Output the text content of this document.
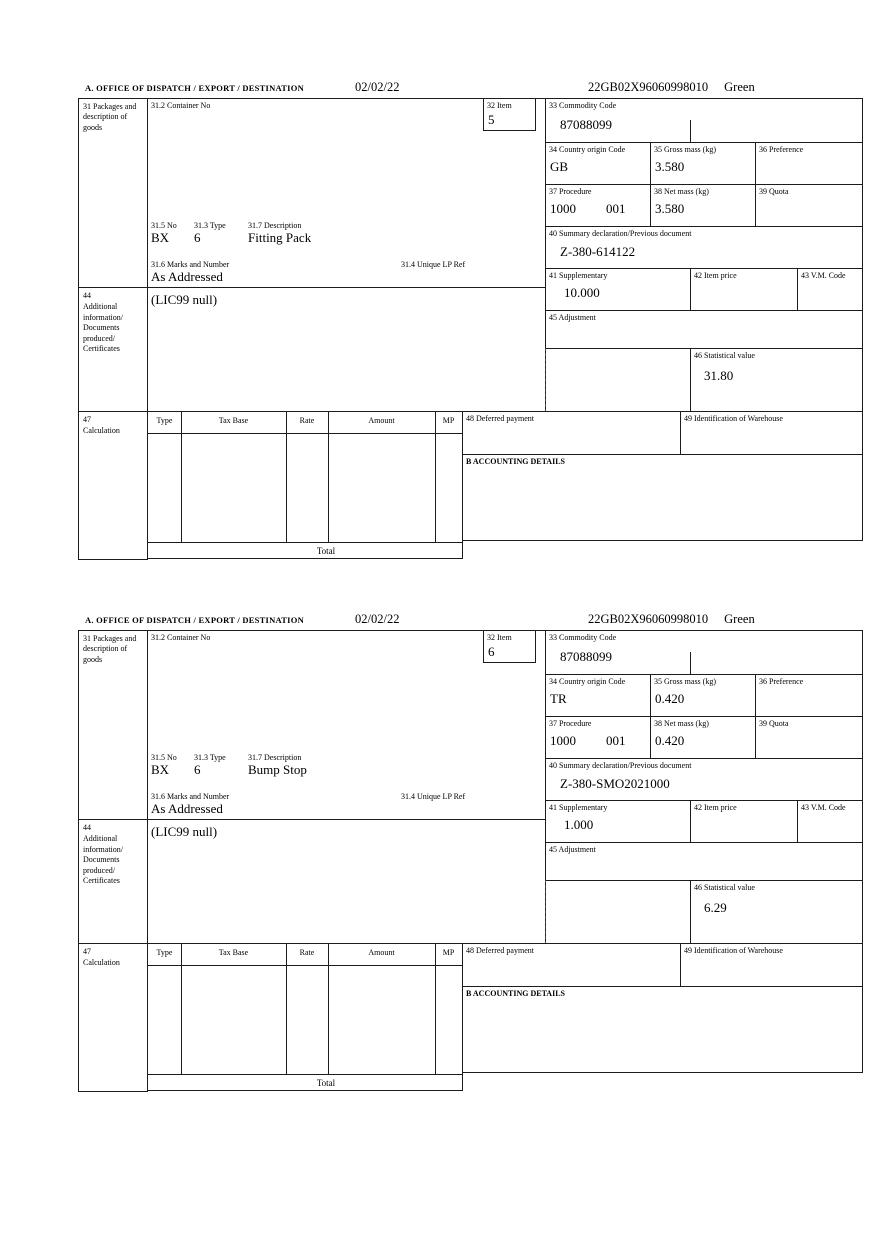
A. OFFICE OF DISPATCH / EXPORT / DESTINATION	02/02/22	22GB02X96060998010 Green
31 Packages and description of goods
44
Additional information/ Documents produced/ Certificates
47
Calculation
31.2 Container No
31.5 No 31.3 Type	31.7 Description
BX 6	Fitting Pack
31.6 Marks and Number	31.4 Unique LP Ref
As Addressed
(LIC99 null)
32 Item
5
33 Commodity Code
87088099
34 Country origin Code
GB
35 Gross mass (kg)
3.580
36 Preference
37 Procedure
1000 001
38 Net mass (kg)
3.580
39 Quota
40 Summary declaration/Previous document
Z-380-614122
41 Supplementary
10.000
42 Item price	43 V.M. Code
45 Adjustment
46 Statistical value
31.80
Type	Tax Base	Rate	Amount	MP
Total
48 Deferred payment	49 Identification of Warehouse
B ACCOUNTING DETAILS
A. OFFICE OF DISPATCH / EXPORT / DESTINATION	02/02/22	22GB02X96060998010 Green
31 Packages and description of goods
44
Additional information/ Documents produced/ Certificates
47
Calculation
31.2 Container No
31.5 No 31.3 Type	31.7 Description
BX 6	Bump Stop
31.6 Marks and Number	31.4 Unique LP Ref
As Addressed
(LIC99 null)
32 Item
6
33 Commodity Code
87088099
34 Country origin Code
TR
35 Gross mass (kg)
0.420
36 Preference
37 Procedure
1000 001
38 Net mass (kg)
0.420
39 Quota
40 Summary declaration/Previous document
Z-380-SMO2021000
41 Supplementary
1.000
42 Item price	43 V.M. Code
45 Adjustment
46 Statistical value
6.29
Type	Tax Base	Rate	Amount	MP
Total
48 Deferred payment	49 Identification of Warehouse
B ACCOUNTING DETAILS
